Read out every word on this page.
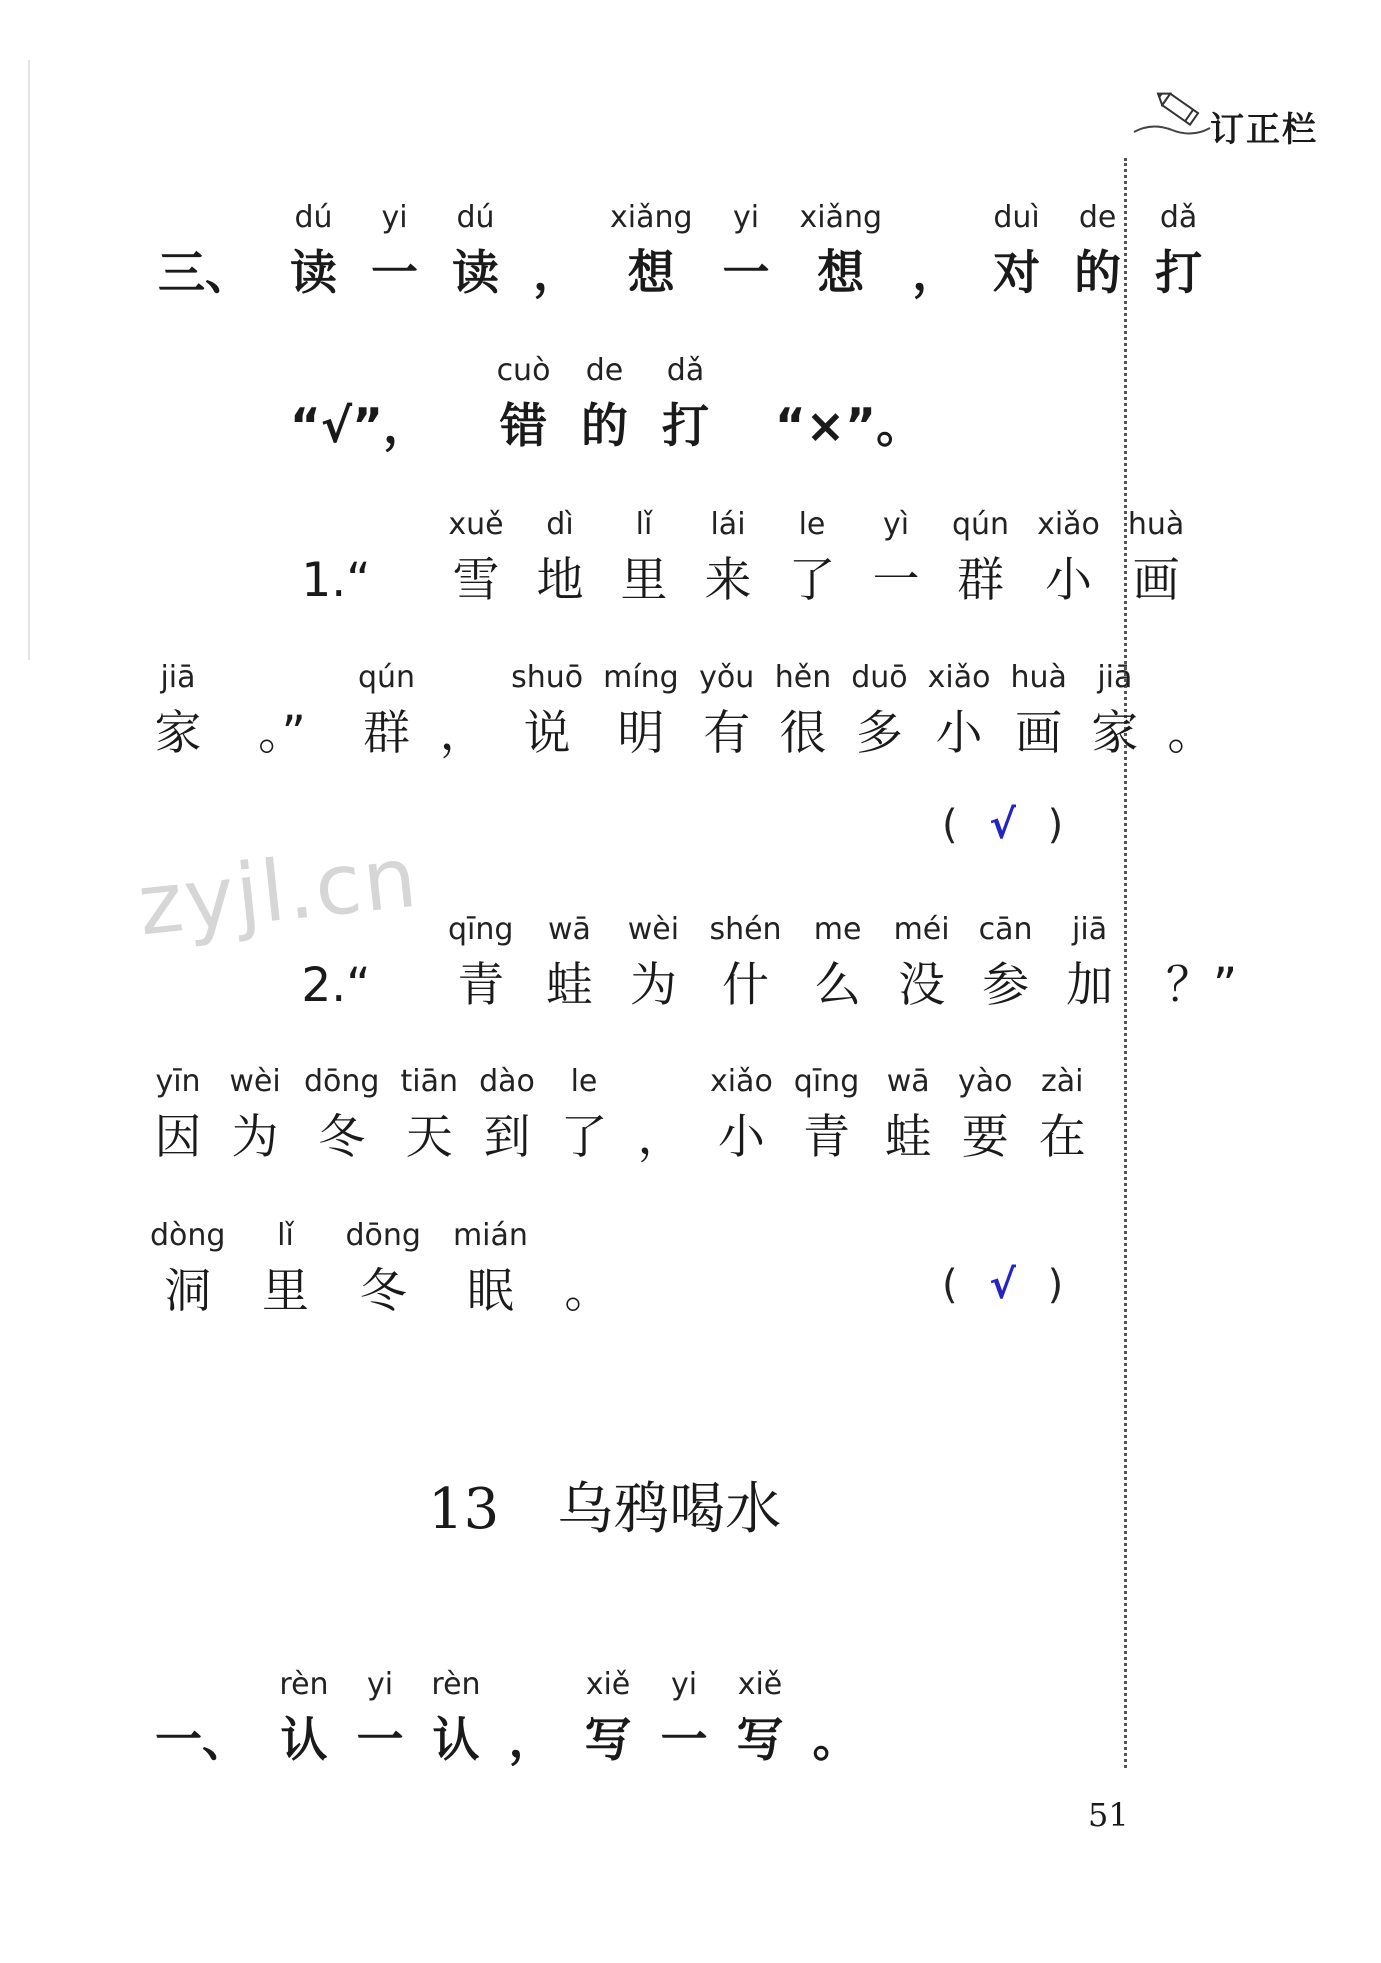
订正栏
zyjl.cn
三、
dú
读
yi
一
dú
读 ，
xiǎng
想
yi
一
xiǎng
想 ，
duì
对
de
的
dǎ
打
“√”，
cuò
错
de
的
dǎ
打 “×”。
1.“
xuě
雪
dì
地
lǐ
里
lái
来
le
了
yì
一
qún
群
xiǎo
小
huà
画
jiā
家 。”
qún
群 ，
shuō
说
míng
明
yǒu
有
hěn
很
duō
多
xiǎo
小
huà
画
jiā
家 。
( √ )
2.“
qīng
青
wā
蛙
wèi
为
shén
什
me
么
méi
没
cān
参
jiā
加 ？”
yīn
因
wèi
为
dōng
冬
tiān
天
dào
到
le
了 ，
xiǎo
小
qīng
青
wā
蛙
yào
要
zài
在
dòng
洞
lǐ
里
dōng
冬
mián
眠 。	( √ )
13 乌鸦喝水
一、
rèn
认
yi
一
rèn
认 ，
xiě
写
yi
一
xiě
写 。
51
